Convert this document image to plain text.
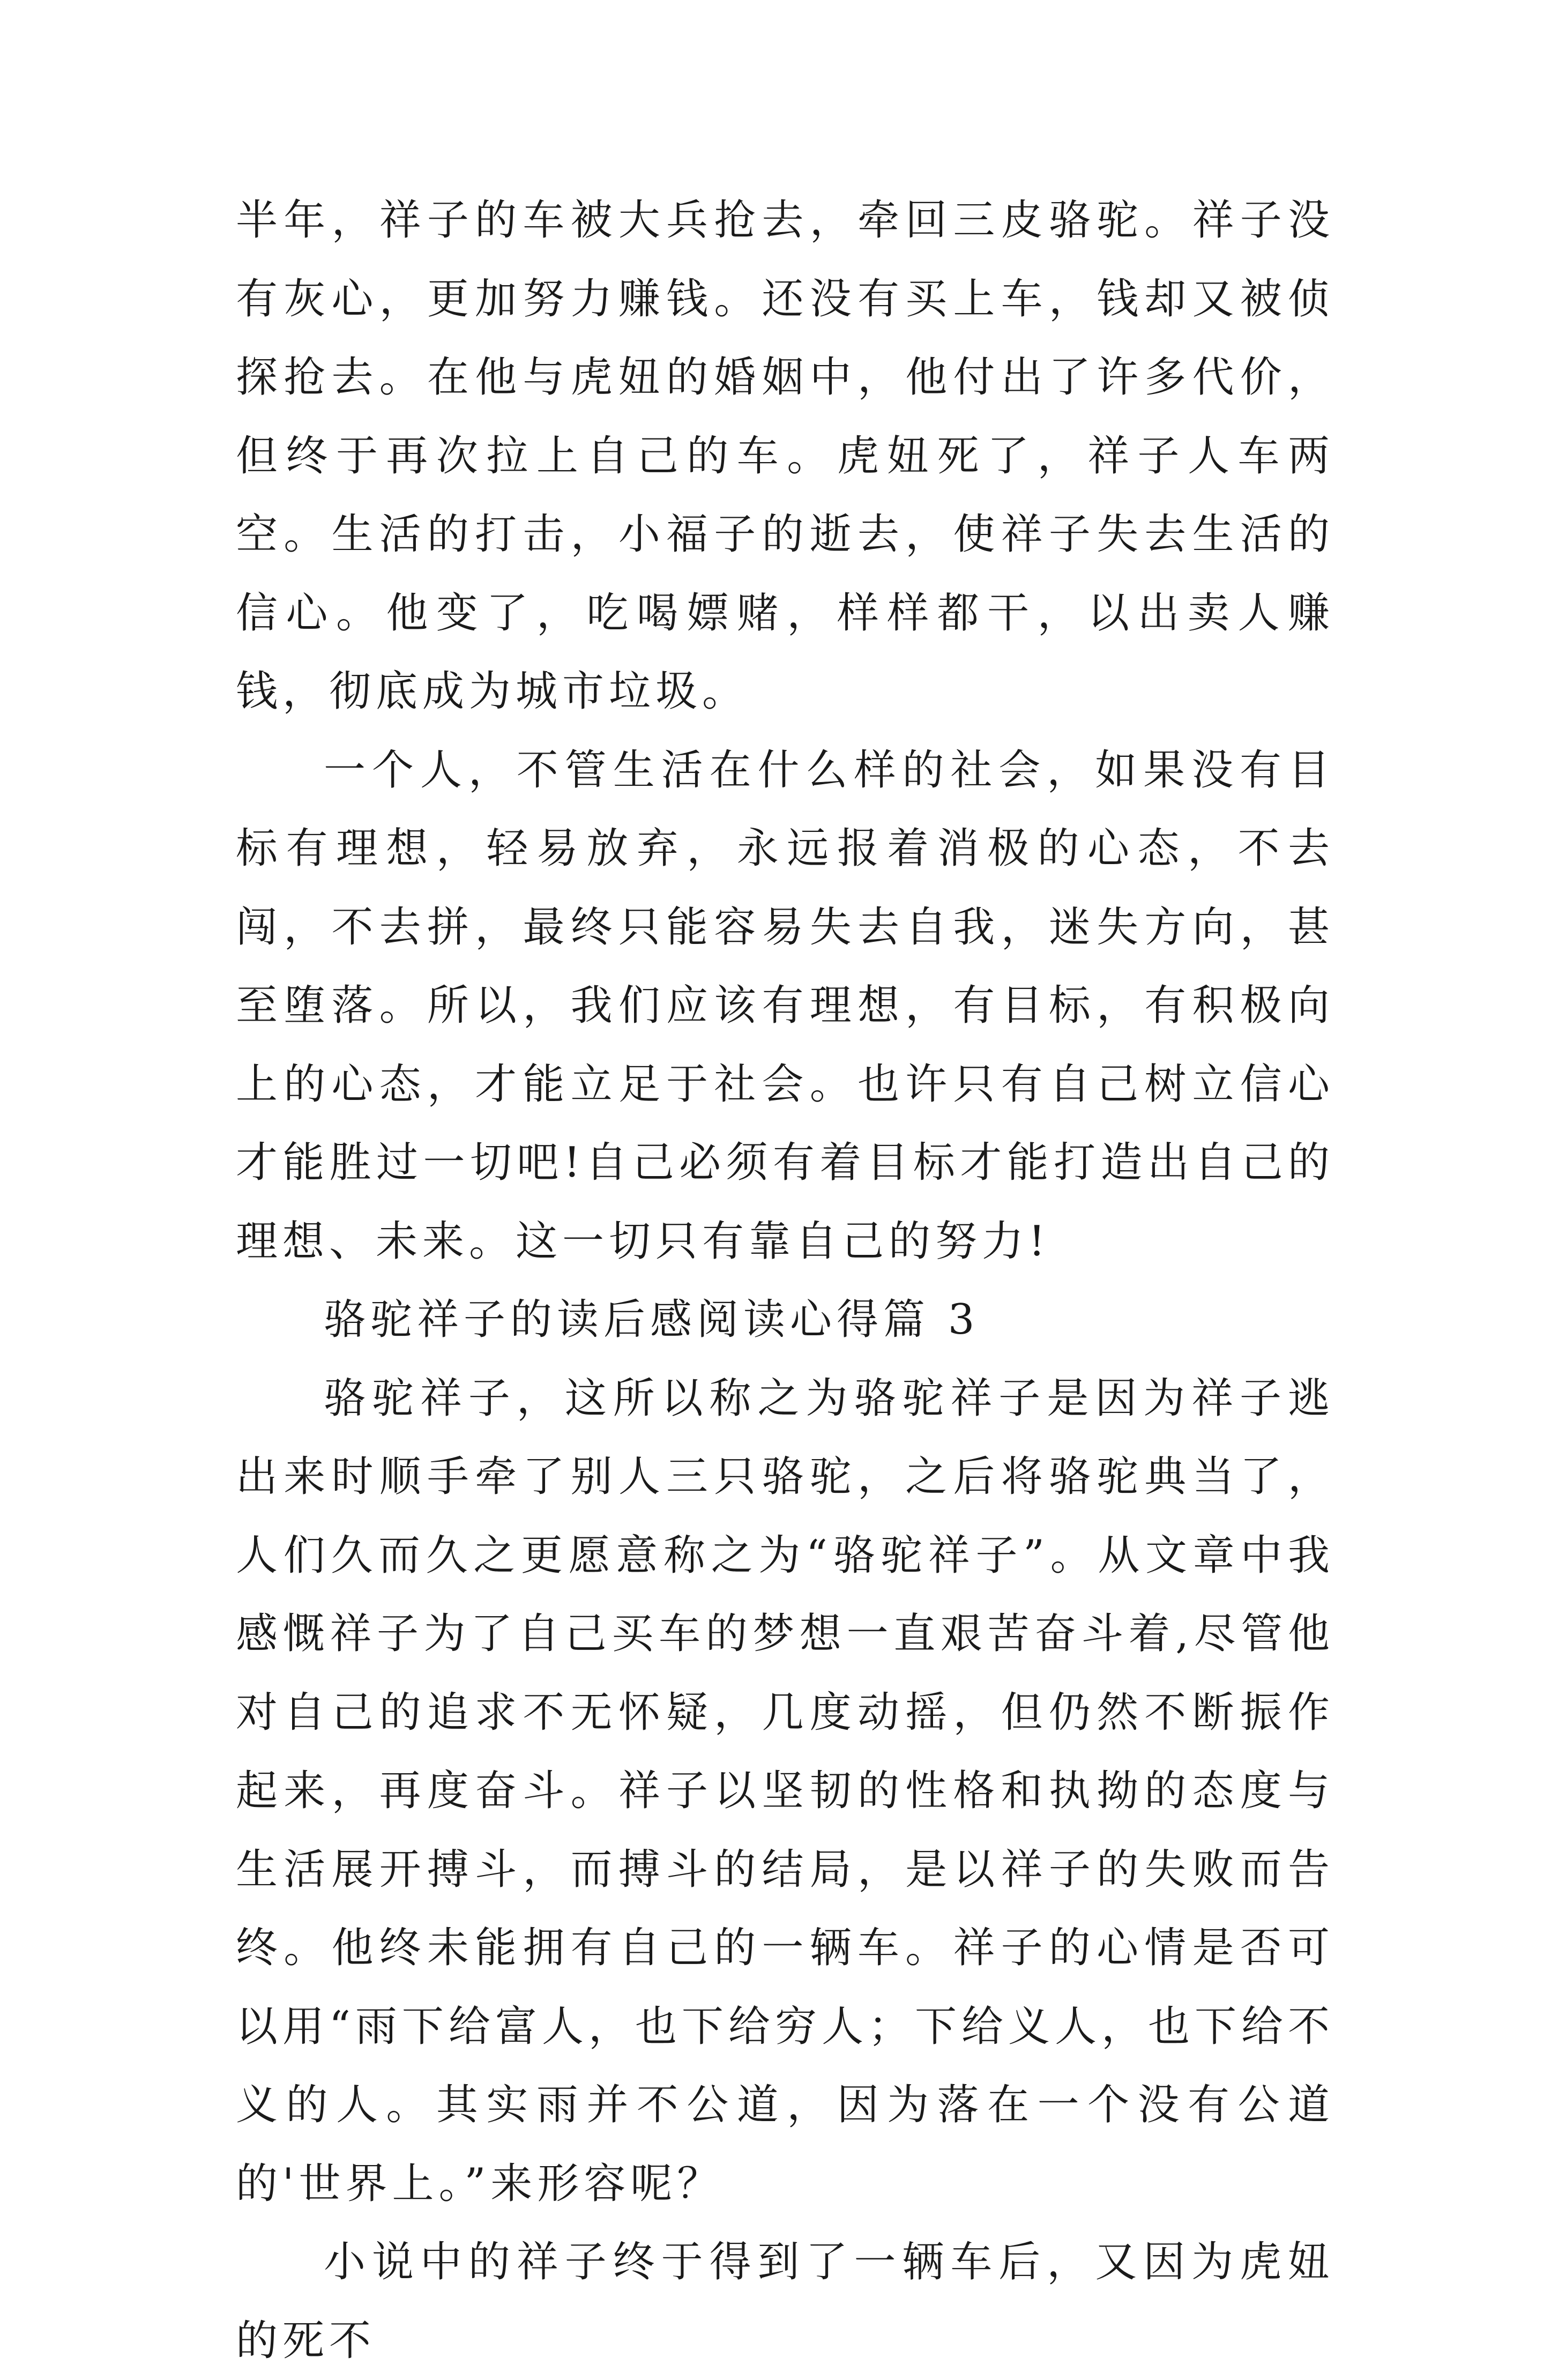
半年，祥子的车被大兵抢去，牵回三皮骆驼。祥子没有灰心，更加努力赚钱。还没有买上车，钱却又被侦探抢去。在他与虎妞的婚姻中，他付出了许多代价，但终于再次拉上自己的车。虎妞死了，祥子人车两空。生活的打击，小福子的逝去，使祥子失去生活的信心。他变了，吃喝嫖赌，样样都干，以出卖人赚钱，彻底成为城市垃圾。

一个人，不管生活在什么样的社会，如果没有目标有理想，轻易放弃，永远报着消极的心态，不去闯，不去拼，最终只能容易失去自我，迷失方向，甚至堕落。所以，我们应该有理想，有目标，有积极向上的心态，才能立足于社会。也许只有自己树立信心才能胜过一切吧!自己必须有着目标才能打造出自己的理想、未来。这一切只有靠自己的努力!

骆驼祥子的读后感阅读心得篇 3

骆驼祥子，这所以称之为骆驼祥子是因为祥子逃出来时顺手牵了别人三只骆驼，之后将骆驼典当了，人们久而久之更愿意称之为“骆驼祥子”。从文章中我感慨祥子为了自己买车的梦想一直艰苦奋斗着,尽管他对自己的追求不无怀疑，几度动摇，但仍然不断振作起来，再度奋斗。祥子以坚韧的性格和执拗的态度与生活展开搏斗，而搏斗的结局，是以祥子的失败而告终。他终未能拥有自己的一辆车。祥子的心情是否可以用“雨下给富人，也下给穷人；下给义人，也下给不义的人。其实雨并不公道，因为落在一个没有公道的'世界上。”来形容呢？

小说中的祥子终于得到了一辆车后，又因为虎妞的死不
